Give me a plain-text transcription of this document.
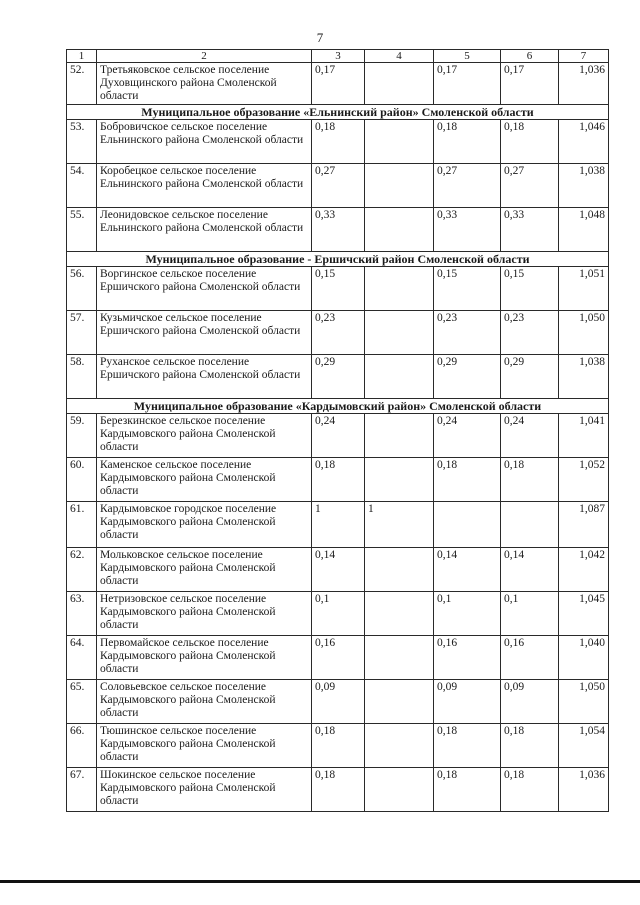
7
1	2	3	4	5	6	7
52.	Третьяковское сельское поселение Духовщинского района Смоленской области	0,17		0,17	0,17	1,036
Муниципальное образование «Ельнинский район» Смоленской области						
53.	Бобровичское сельское поселение Ельнинского района Смоленской области	0,18		0,18	0,18	1,046
54.	Коробецкое сельское поселение Ельнинского района Смоленской области	0,27		0,27	0,27	1,038
55.	Леонидовское сельское поселение Ельнинского района Смоленской области	0,33		0,33	0,33	1,048
Муниципальное образование - Ершичский район Смоленской области						
56.	Воргинское сельское поселение Ершичского района Смоленской области	0,15		0,15	0,15	1,051
57.	Кузьмичское сельское поселение Ершичского района Смоленской области	0,23		0,23	0,23	1,050
58.	Руханское сельское поселение Ершичского района Смоленской области	0,29		0,29	0,29	1,038
Муниципальное образование «Кардымовский район» Смоленской области						
59.	Березкинское сельское поселение Кардымовского района Смоленской области	0,24		0,24	0,24	1,041
60.	Каменское сельское поселение Кардымовского района Смоленской области	0,18		0,18	0,18	1,052
61.	Кардымовское городское поселение Кардымовского района Смоленской области	1	1			1,087
62.	Мольковское сельское поселение Кардымовского района Смоленской области	0,14		0,14	0,14	1,042
63.	Нетризовское сельское поселение Кардымовского района Смоленской области	0,1		0,1	0,1	1,045
64.	Первомайское сельское поселение Кардымовского района Смоленской области	0,16		0,16	0,16	1,040
65.	Соловьевское сельское поселение Кардымовского района Смоленской области	0,09		0,09	0,09	1,050
66.	Тюшинское сельское поселение Кардымовского района Смоленской области	0,18		0,18	0,18	1,054
67.	Шокинское сельское поселение Кардымовского района Смоленской области	0,18		0,18	0,18	1,036
